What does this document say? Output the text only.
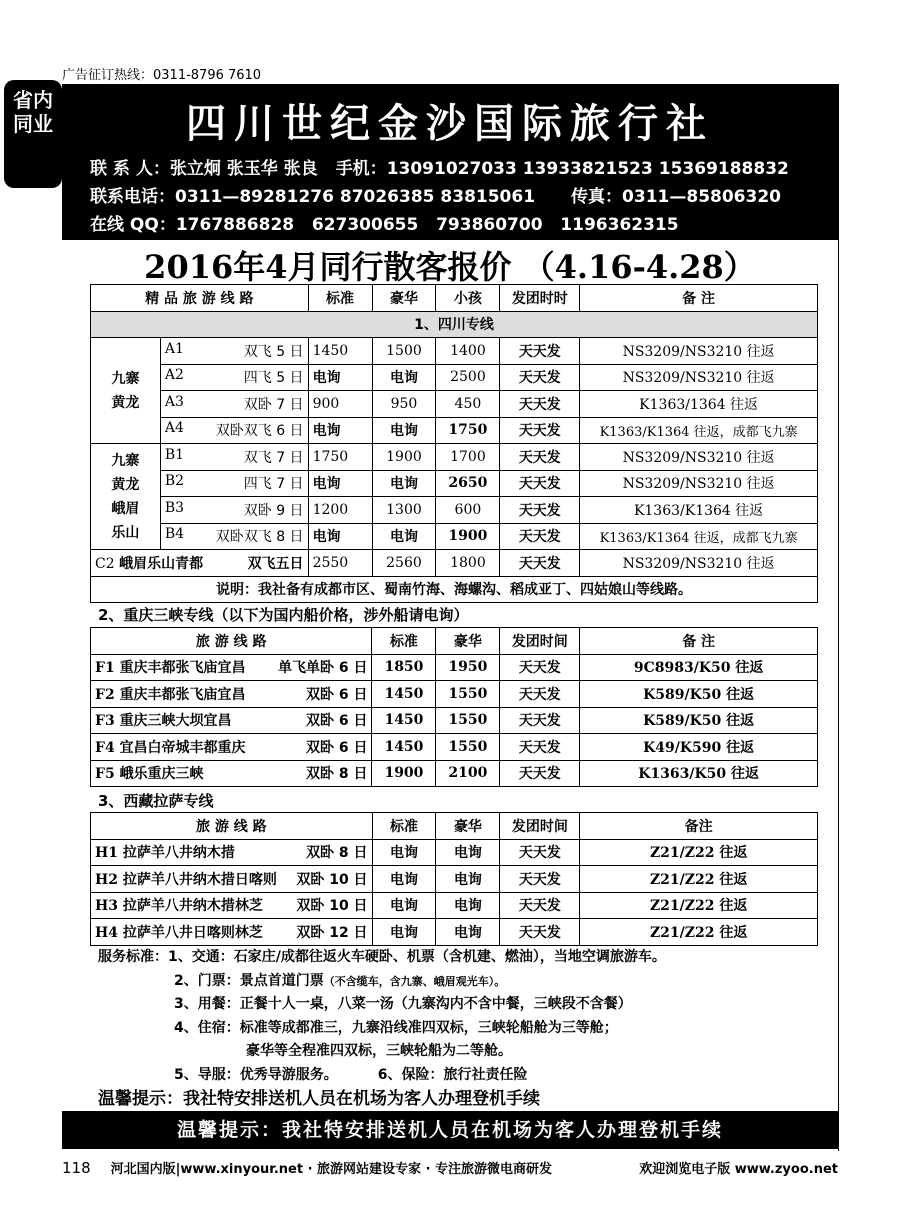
广告征订热线：0311-8796 7610
省内
同业	四川世纪金沙国际旅行社
联 系 人：张立炯 张玉华 张良 手机：13091027033 13933821523 15369188832
联系电话：0311—89281276 87026385 83815061 传真：0311—85806320
在线 QQ：1767886828   627300655   793860700   1196362315
2016年4月同行散客报价 （4.16-4.28）
精 品 旅 游 线 路		标准	豪华	小孩	发团时时	备 注
1、四川专线						
九寨
黄龙	A1 双飞 5 日	1450	1500	1400	天天发	NS3209/NS3210 往返

	A2 四飞 5 日	电询	电询	2500	天天发	NS3209/NS3210 往返

	A3 双卧 7 日	900	950	450	天天发	K1363/1364 往返

	A4 双卧双飞 6 日	电询	电询	1750	天天发	K1363/K1364 往返，成都飞九寨
九寨
黄龙
峨眉
乐山	B1 双飞 7 日	1750	1900	1700	天天发	NS3209/NS3210 往返

	B2 四飞 7 日	电询	电询	2650	天天发	NS3209/NS3210 往返

	B3 双卧 9 日	1200	1300	600	天天发	K1363/K1364 往返

	B4 双卧双飞 8 日	电询	电询	1900	天天发	K1363/K1364 往返，成都飞九寨

C2 峨眉乐山青都 双飞五日		2550	2560	1800	天天发	NS3209/NS3210 往返
说明：我社备有成都市区、蜀南竹海、海螺沟、稻成亚丁、四姑娘山等线路。						
2、重庆三峡专线（以下为国内船价格，涉外船请电询）
旅 游 线 路	标准	豪华	发团时间	备 注

F1 重庆丰都张飞庙宜昌 单飞单卧 6 日	1850	1950	天天发	9C8983/K50 往返

F2 重庆丰都张飞庙宜昌 双卧 6 日	1450	1550	天天发	K589/K50 往返

F3 重庆三峡大坝宜昌 双卧 6 日	1450	1550	天天发	K589/K50 往返

F4 宜昌白帝城丰都重庆 双卧 6 日	1450	1550	天天发	K49/K590 往返

F5 峨乐重庆三峡 双卧 8 日	1900	2100	天天发	K1363/K50 往返
3、西藏拉萨专线
旅 游 线 路	标准	豪华	发团时间	备注

H1 拉萨羊八井纳木措 双卧 8 日	电询	电询	天天发	Z21/Z22 往返

H2 拉萨羊八井纳木措日喀则 双卧 10 日	电询	电询	天天发	Z21/Z22 往返

H3 拉萨羊八井纳木措林芝 双卧 10 日	电询	电询	天天发	Z21/Z22 往返

H4 拉萨羊八井日喀则林芝 双卧 12 日	电询	电询	天天发	Z21/Z22 往返
服务标准：1、交通：石家庄/成都往返火车硬卧、机票（含机建、燃油），当地空调旅游车。
2、门票：景点首道门票（不含缆车，含九寨、峨眉观光车）。
3、用餐：正餐十人一桌，八菜一汤（九寨沟内不含中餐，三峡段不含餐）
4、住宿：标准等成都准三，九寨沿线准四双标，三峡轮船舱为三等舱；
豪华等全程准四双标，三峡轮船为二等舱。
5、导服：优秀导游服务。	6、保险：旅行社责任险
温馨提示：我社特安排送机人员在机场为客人办理登机手续
温馨提示：我社特安排送机人员在机场为客人办理登机手续
118 河北国内版|www.xinyour.net · 旅游网站建设专家 · 专注旅游微电商研发	欢迎浏览电子版 www.zyoo.net
